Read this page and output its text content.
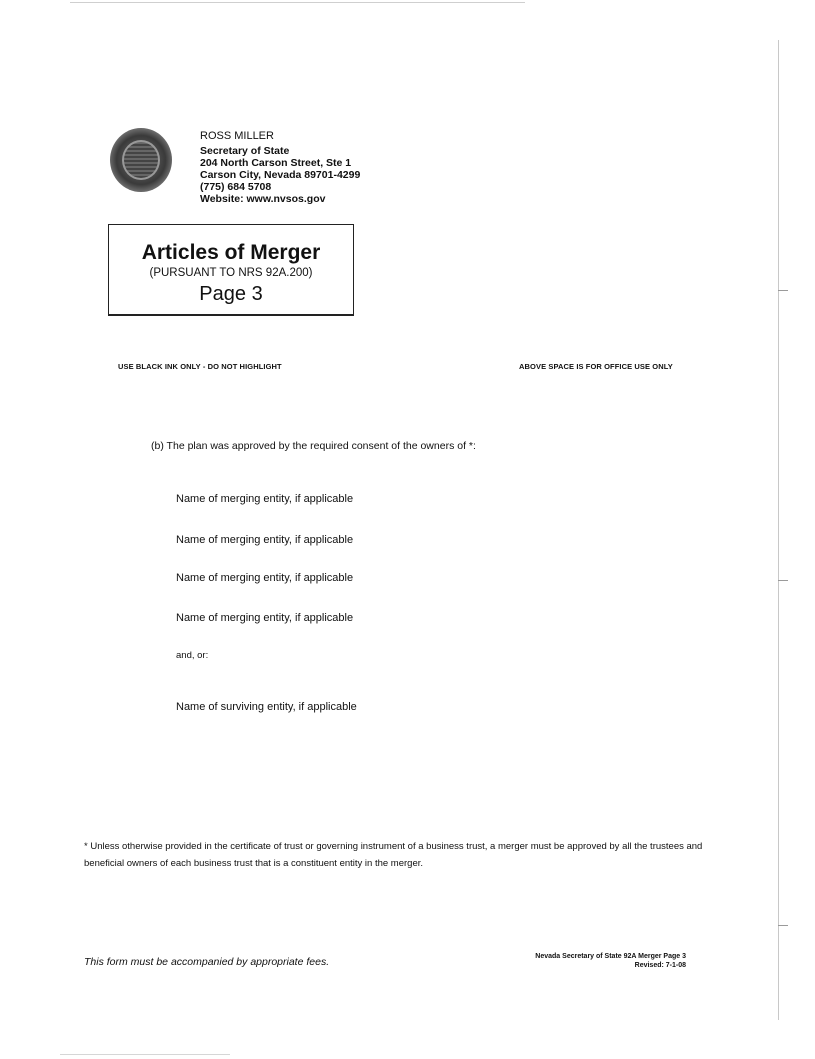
ROSS MILLER
Secretary of State
204 North Carson Street, Ste 1
Carson City, Nevada 89701-4299
(775) 684 5708
Website: www.nvsos.gov
Articles of Merger
(PURSUANT TO NRS 92A.200)
Page 3
USE BLACK INK ONLY - DO NOT HIGHLIGHT	ABOVE SPACE IS FOR OFFICE USE ONLY
(b) The plan was approved by the required consent of the owners of *:
Name of merging entity, if applicable
Name of merging entity, if applicable
Name of merging entity, if applicable
Name of merging entity, if applicable
and, or:
Name of surviving entity, if applicable
* Unless otherwise provided in the certificate of trust or governing instrument of a business trust, a merger must be approved by all the trustees and beneficial owners of each business trust that is a constituent entity in the merger.
This form must be accompanied by appropriate fees.	Nevada Secretary of State 92A Merger Page 3
Revised: 7-1-08
